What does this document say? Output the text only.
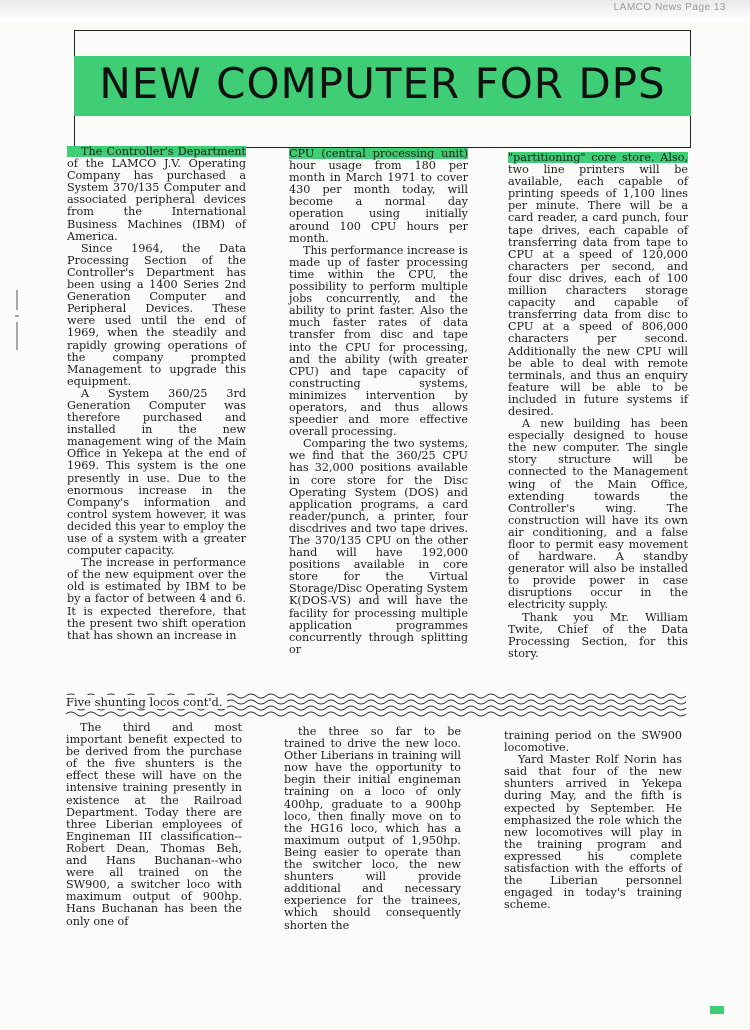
LAMCO News Page 13
NEW COMPUTER FOR DPS

The Controller's Department of the LAMCO J.V. Operating Company has purchased a System 370/135 Computer and associated peripheral devices from the International Business Machines (IBM) of America.

Since 1964, the Data Processing Section of the Controller's Department has been using a 1400 Series 2nd Generation Computer and Peripheral Devices. These were used until the end of 1969, when the steadily and rapidly growing operations of the company prompted Management to upgrade this equipment.

A System 360/25 3rd Generation Computer was therefore purchased and installed in the new management wing of the Main Office in Yekepa at the end of 1969. This system is the one presently in use. Due to the enormous increase in the Company's information and control system however, it was decided this year to employ the use of a system with a greater computer capacity.

The increase in performance of the new equipment over the old is estimated by IBM to be by a factor of between 4 and 6. It is expected therefore, that the present two shift operation that has shown an increase in

CPU (central processing unit) hour usage from 180 per month in March 1971 to cover 430 per month today, will become a normal day operation using initially around 100 CPU hours per month.

This performance increase is made up of faster processing time within the CPU, the possibility to perform multiple jobs concurrently, and the ability to print faster. Also the much faster rates of data transfer from disc and tape into the CPU for processing, and the ability (with greater CPU) and tape capacity of constructing systems, minimizes intervention by operators, and thus allows speedier and more effective overall processing.

Comparing the two systems, we find that the 360/25 CPU has 32,000 positions available in core store for the Disc Operating System (DOS) and application programs, a card reader/punch, a printer, four discdrives and two tape drives. The 370/135 CPU on the other hand will have 192,000 positions available in core store for the Virtual Storage/Disc Operating System K(DOS-VS) and will have the facility for processing multiple application programmes concurrently through splitting or

"partitioning" core store. Also, two line printers will be available, each capable of printing speeds of 1,100 lines per minute. There will be a card reader, a card punch, four tape drives, each capable of transferring data from tape to CPU at a speed of 120,000 characters per second, and four disc drives, each of 100 million characters storage capacity and capable of transferring data from disc to CPU at a speed of 806,000 characters per second. Additionally the new CPU will be able to deal with remote terminals, and thus an enquiry feature will be able to be included in future systems if desired.

A new building has been especially designed to house the new computer. The single story structure will be connected to the Management wing of the Main Office, extending towards the Controller's wing. The construction will have its own air conditioning, and a false floor to permit easy movement of hardware. A standby generator will also be installed to provide power in case disruptions occur in the electricity supply.

Thank you Mr. William Twite, Chief of the Data Processing Section, for this story.

Five shunting locos cont'd.

The third and most important benefit expected to be derived from the purchase of the five shunters is the effect these will have on the intensive training presently in existence at the Railroad Department. Today there are three Liberian employees of Engineman III classification--Robert Dean, Thomas Beh, and Hans Buchanan--who were all trained on the SW900, a switcher loco with maximum output of 900hp. Hans Buchanan has been the only one of

the three so far to be trained to drive the new loco. Other Liberians in training will now have the opportunity to begin their initial engineman training on a loco of only 400hp, graduate to a 900hp loco, then finally move on to the HG16 loco, which has a maximum output of 1,950hp. Being easier to operate than the switcher loco, the new shunters will provide additional and necessary experience for the trainees, which should consequently shorten the

training period on the SW900 locomotive.

Yard Master Rolf Norin has said that four of the new shunters arrived in Yekepa during May, and the fifth is expected by September. He emphasized the role which the new locomotives will play in the training program and expressed his complete satisfaction with the efforts of the Liberian personnel engaged in today's training scheme.
